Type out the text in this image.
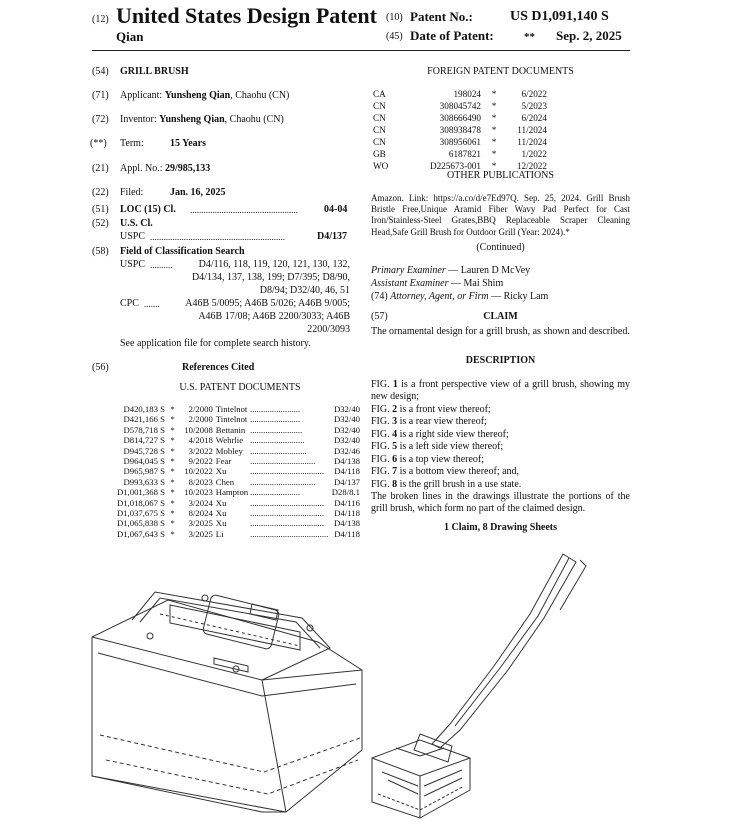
(12) United States Design Patent
Qian
(10) Patent No.:	US D1,091,140 S
(45) Date of Patent:	** Sep. 2, 2025
(54) GRILL BRUSH
(71) Applicant: Yunsheng Qian, Chaohu (CN)
(72) Inventor: Yunsheng Qian, Chaohu (CN)
(**) Term:	15 Years
(21) Appl. No.: 29/985,133
(22) Filed:	Jan. 16, 2025
(51) LOC (15) Cl. ................................................	04-04
(52) U.S. Cl.
USPC ............................................................	D4/137
(58) Field of Classification Search
USPC ..........	D4/116, 118, 119, 120, 121, 130, 132,
D4/134, 137, 138, 199; D7/395; D8/90,
D8/94; D32/40, 46, 51
CPC .......	A46B 5/0095; A46B 5/026; A46B 9/005;
A46B 17/08; A46B 2200/3033; A46B
2200/3093
See application file for complete search history.
(56)	References Cited
U.S. PATENT DOCUMENTS
D420,183 S	*	2/2000	Tintelnot	.......................	D32/40
D421,166 S	*	2/2000	Tintelnot	.......................	D32/40
D578,718 S	*	10/2008	Bettanin	........................	D32/40
D814,727 S	*	4/2018	Wehrlie	.........................	D32/40
D945,728 S	*	3/2022	Mobley	..........................	D32/46
D964,045 S	*	9/2022	Fear	..............................	D4/138
D965,987 S	*	10/2022	Xu	..................................	D4/118
D993,633 S	*	8/2023	Chen	..............................	D4/137
D1,001,368 S	*	10/2023	Hampton	.......................	D28/8.1
D1,018,067 S	*	3/2024	Xu	..................................	D4/116
D1,037,675 S	*	8/2024	Xu	..................................	D4/118
D1,065,838 S	*	3/2025	Xu	..................................	D4/138
D1,067,643 S	*	3/2025	Li	....................................	D4/118
FOREIGN PATENT DOCUMENTS
CA	198024	*	6/2022
CN	308045742	*	5/2023
CN	308666490	*	6/2024
CN	308938478	*	11/2024
CN	308956061	*	11/2024
GB	6187821	*	1/2022
WO	D225673-001	*	12/2022
OTHER PUBLICATIONS
Amazon. Link: https://a.co/d/e7Ed97Q. Sep. 25, 2024. Grill Brush Bristle Free,Unique Aramid Fiber Wavy Pad Perfect for Cast Iron/Stainless-Steel Grates,BBQ Replaceable Scraper Cleaning Head,Safe Grill Brush for Outdoor Grill (Year: 2024).*
(Continued)
Primary Examiner — Lauren D McVey
Assistant Examiner — Mai Shim
(74) Attorney, Agent, or Firm — Ricky Lam
(57)	CLAIM
The ornamental design for a grill brush, as shown and described.
DESCRIPTION
FIG. 1 is a front perspective view of a grill brush, showing my new design;
FIG. 2 is a front view thereof;
FIG. 3 is a rear view thereof;
FIG. 4 is a right side view thereof;
FIG. 5 is a left side view thereof;
FIG. 6 is a top view thereof;
FIG. 7 is a bottom view thereof; and,
FIG. 8 is the grill brush in a use state.
The broken lines in the drawings illustrate the portions of the grill brush, which form no part of the claimed design.
1 Claim, 8 Drawing Sheets
